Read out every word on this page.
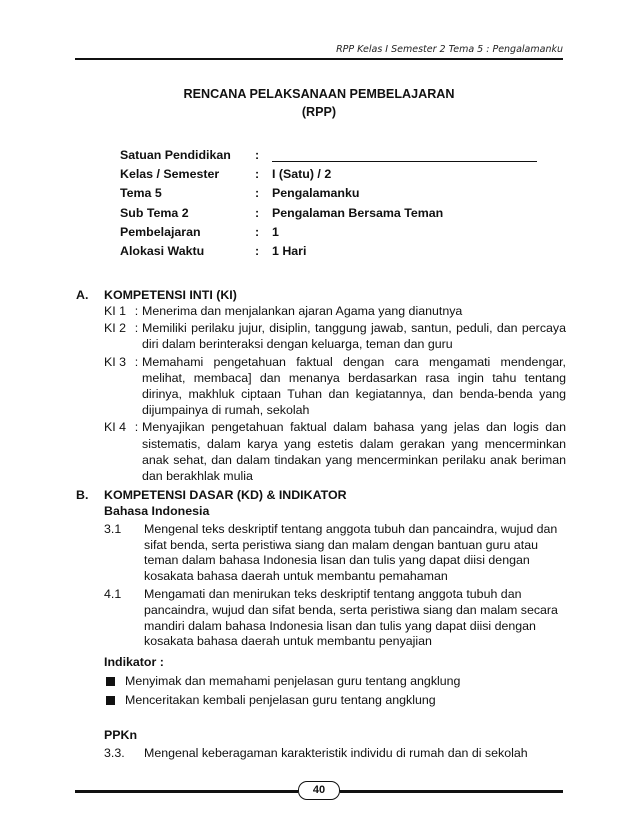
RPP Kelas I Semester 2 Tema 5 : Pengalamanku
RENCANA PELAKSANAAN PEMBELAJARAN
(RPP)
Satuan Pendidikan	:
Kelas / Semester	:	I (Satu) / 2
Tema 5	:	Pengalamanku
Sub Tema 2	:	Pengalaman Bersama Teman
Pembelajaran	:	1
Alokasi Waktu	:	1 Hari
A.	KOMPETENSI INTI (KI)
KI 1 : Menerima dan menjalankan ajaran Agama yang dianutnya
KI 2 : Memiliki perilaku jujur, disiplin, tanggung jawab, santun, peduli, dan percaya diri dalam berinteraksi dengan keluarga, teman dan guru
KI 3 : Memahami pengetahuan faktual dengan cara mengamati mendengar, melihat, membaca] dan menanya berdasarkan rasa ingin tahu tentang dirinya, makhluk ciptaan Tuhan dan kegiatannya, dan benda-benda yang dijumpainya di rumah, sekolah
KI 4 : Menyajikan pengetahuan faktual dalam bahasa yang jelas dan logis dan sistematis, dalam karya yang estetis dalam gerakan yang mencerminkan anak sehat, dan dalam tindakan yang mencerminkan perilaku anak beriman dan berakhlak mulia
B.	KOMPETENSI DASAR (KD) & INDIKATOR
Bahasa Indonesia
3.1	Mengenal teks deskriptif tentang anggota tubuh dan pancaindra, wujud dan sifat benda, serta peristiwa siang dan malam dengan bantuan guru atau teman dalam bahasa Indonesia lisan dan tulis yang dapat diisi dengan kosakata bahasa daerah untuk membantu pemahaman
4.1	Mengamati dan menirukan teks deskriptif tentang anggota tubuh dan pancaindra, wujud dan sifat benda, serta peristiwa siang dan malam secara mandiri dalam bahasa Indonesia lisan dan tulis yang dapat diisi dengan kosakata bahasa daerah untuk membantu penyajian
Indikator :
Menyimak dan memahami penjelasan guru tentang angklung
Menceritakan kembali penjelasan guru tentang angklung
PPKn
3.3.	Mengenal keberagaman karakteristik individu di rumah dan di sekolah
40
